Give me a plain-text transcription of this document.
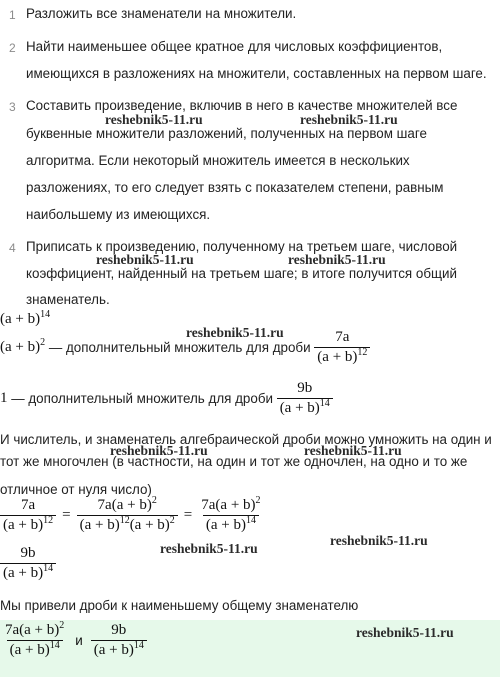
1 Разложить все знаменатели на множители.
2 Найти наименьшее общее кратное для числовых коэффициентов,
имеющихся в разложениях на множители, составленных на первом шаге.
3 Составить произведение, включив в него в качестве множителей все
буквенные множители разложений, полученных на первом шаге
алгоритма. Если некоторый множитель имеется в нескольких
разложениях, то его следует взять с показателем степени, равным
наибольшему из имеющихся.
4 Приписать к произведению, полученному на третьем шаге, числовой
коэффициент, найденный на третьем шаге; в итоге получится общий
знаменатель.
$(a + b)^{14}$
$(a + b)^2$ — дополнительный множитель для дроби $\frac{7a}{(a + b)^{12}}$
1 — дополнительный множитель для дроби $\frac{9b}{(a + b)^{14}}$
И числитель, и знаменатель алгебраической дроби можно умножить на один и
тот же многочлен (в частности, на один и тот же одночлен, на одно и то же
отличное от нуля число)
$\frac{7a}{(a + b)^{12}} = \frac{7a(a + b)^2}{(a + b)^{12}(a + b)^2} = \frac{7a(a + b)^2}{(a + b)^{14}}$
$\frac{9b}{(a + b)^{14}}$
Мы привели дроби к наименьшему общему знаменателю
$\frac{7a(a + b)^2}{(a + b)^{14}}$ и $\frac{9b}{(a + b)^{14}}$
reshebnik5-11.ru	reshebnik5-11.ru
reshebnik5-11.ru	reshebnik5-11.ru
reshebnik5-11.ru
reshebnik5-11.ru	reshebnik5-11.ru
reshebnik5-11.ru
reshebnik5-11.ru
reshebnik5-11.ru
